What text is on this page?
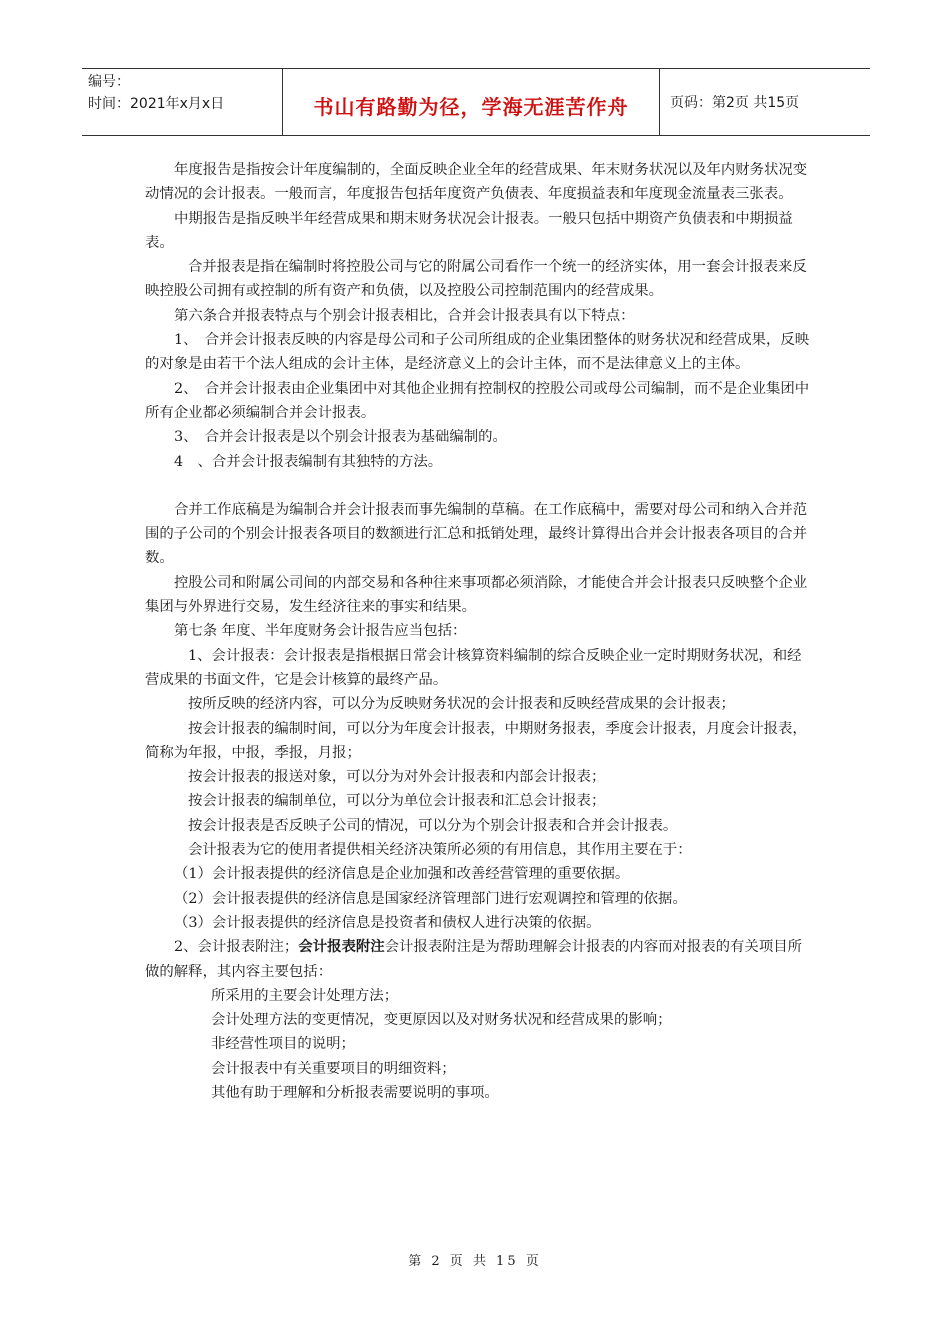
编号：
时间：2021年x月x日	书山有路勤为径，学海无涯苦作舟	页码：第2页 共15页

年度报告是指按会计年度编制的，全面反映企业全年的经营成果、年末财务状况以及年内财务状况变动情况的会计报表。一般而言，年度报告包括年度资产负债表、年度损益表和年度现金流量表三张表。

中期报告是指反映半年经营成果和期末财务状况会计报表。一般只包括中期资产负债表和中期损益表。

合并报表是指在编制时将控股公司与它的附属公司看作一个统一的经济实体，用一套会计报表来反映控股公司拥有或控制的所有资产和负债，以及控股公司控制范围内的经营成果。

第六条合并报表特点与个别会计报表相比，合并会计报表具有以下特点：

1、　合并会计报表反映的内容是母公司和子公司所组成的企业集团整体的财务状况和经营成果，反映的对象是由若干个法人组成的会计主体，是经济意义上的会计主体，而不是法律意义上的主体。

2、　合并会计报表由企业集团中对其他企业拥有控制权的控股公司或母公司编制，而不是企业集团中所有企业都必须编制合并会计报表。

3、　合并会计报表是以个别会计报表为基础编制的。

4　、合并会计报表编制有其独特的方法。

合并工作底稿是为编制合并会计报表而事先编制的草稿。在工作底稿中，需要对母公司和纳入合并范围的子公司的个别会计报表各项目的数额进行汇总和抵销处理，最终计算得出合并会计报表各项目的合并数。

控股公司和附属公司间的内部交易和各种往来事项都必须消除，才能使合并会计报表只反映整个企业集团与外界进行交易，发生经济往来的事实和结果。

第七条 年度、半年度财务会计报告应当包括：

1、会计报表：会计报表是指根据日常会计核算资料编制的综合反映企业一定时期财务状况，和经营成果的书面文件，它是会计核算的最终产品。

按所反映的经济内容，可以分为反映财务状况的会计报表和反映经营成果的会计报表；

按会计报表的编制时间，可以分为年度会计报表，中期财务报表，季度会计报表，月度会计报表，简称为年报，中报，季报，月报；

按会计报表的报送对象，可以分为对外会计报表和内部会计报表；

按会计报表的编制单位，可以分为单位会计报表和汇总会计报表；

按会计报表是否反映子公司的情况，可以分为个别会计报表和合并会计报表。

会计报表为它的使用者提供相关经济决策所必须的有用信息，其作用主要在于：

（1）会计报表提供的经济信息是企业加强和改善经营管理的重要依据。

（2）会计报表提供的经济信息是国家经济管理部门进行宏观调控和管理的依据。

（3）会计报表提供的经济信息是投资者和债权人进行决策的依据。

2、会计报表附注；会计报表附注会计报表附注是为帮助理解会计报表的内容而对报表的有关项目所做的解释，其内容主要包括：

所采用的主要会计处理方法；

会计处理方法的变更情况，变更原因以及对财务状况和经营成果的影响；

非经营性项目的说明；

会计报表中有关重要项目的明细资料；

其他有助于理解和分析报表需要说明的事项。

第 2 页 共 15 页
